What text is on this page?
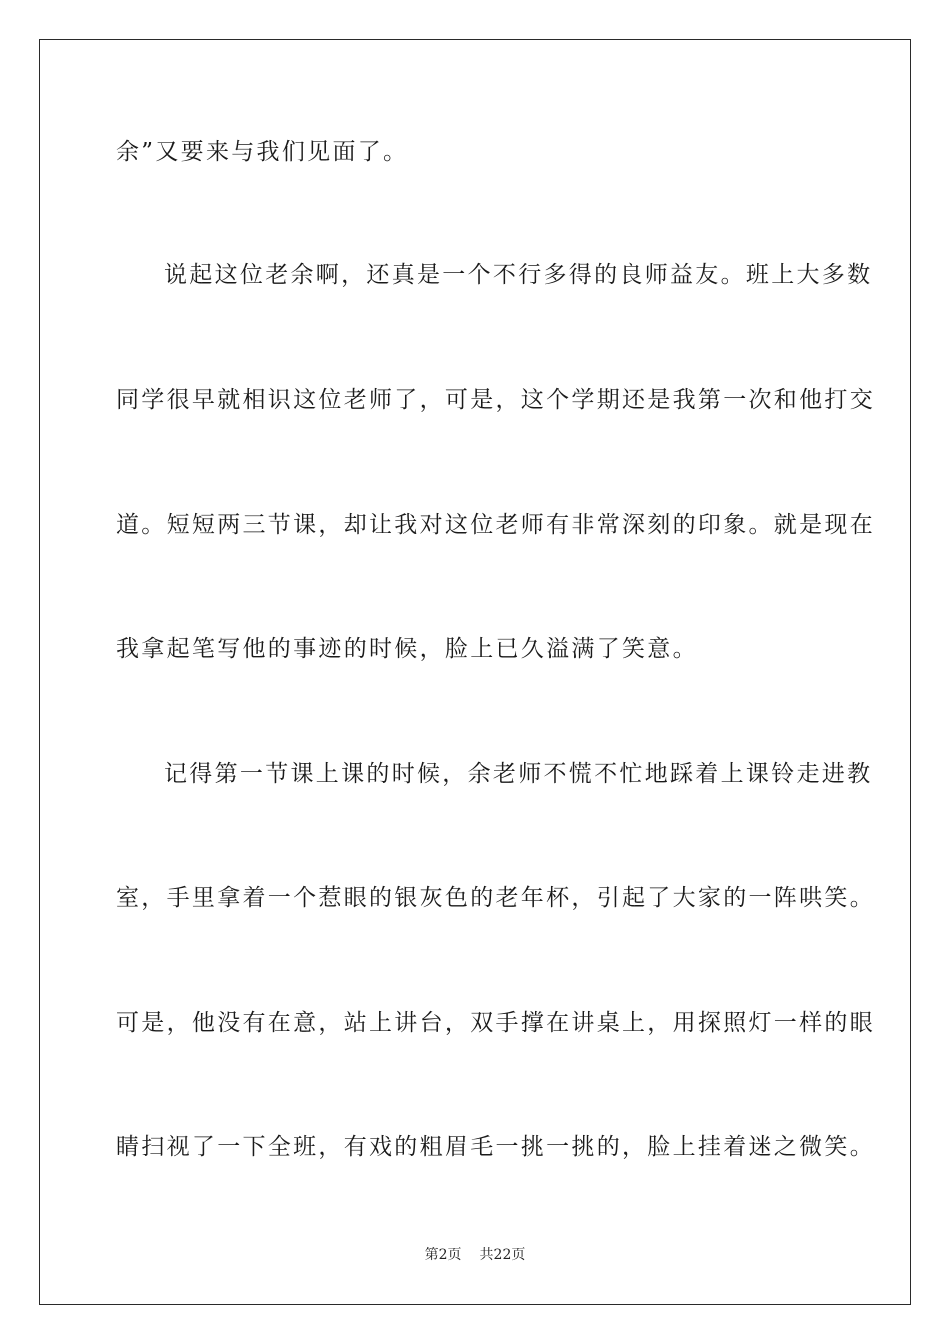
余”又要来与我们见面了。
说起这位老余啊，还真是一个不行多得的良师益友。班上大多数
同学很早就相识这位老师了，可是，这个学期还是我第一次和他打交
道。短短两三节课，却让我对这位老师有非常深刻的印象。就是现在
我拿起笔写他的事迹的时候，脸上已久溢满了笑意。
记得第一节课上课的时候，余老师不慌不忙地踩着上课铃走进教
室，手里拿着一个惹眼的银灰色的老年杯，引起了大家的一阵哄笑。
可是，他没有在意，站上讲台，双手撑在讲桌上，用探照灯一样的眼
睛扫视了一下全班，有戏的粗眉毛一挑一挑的，脸上挂着迷之微笑。
第2页 共22页
